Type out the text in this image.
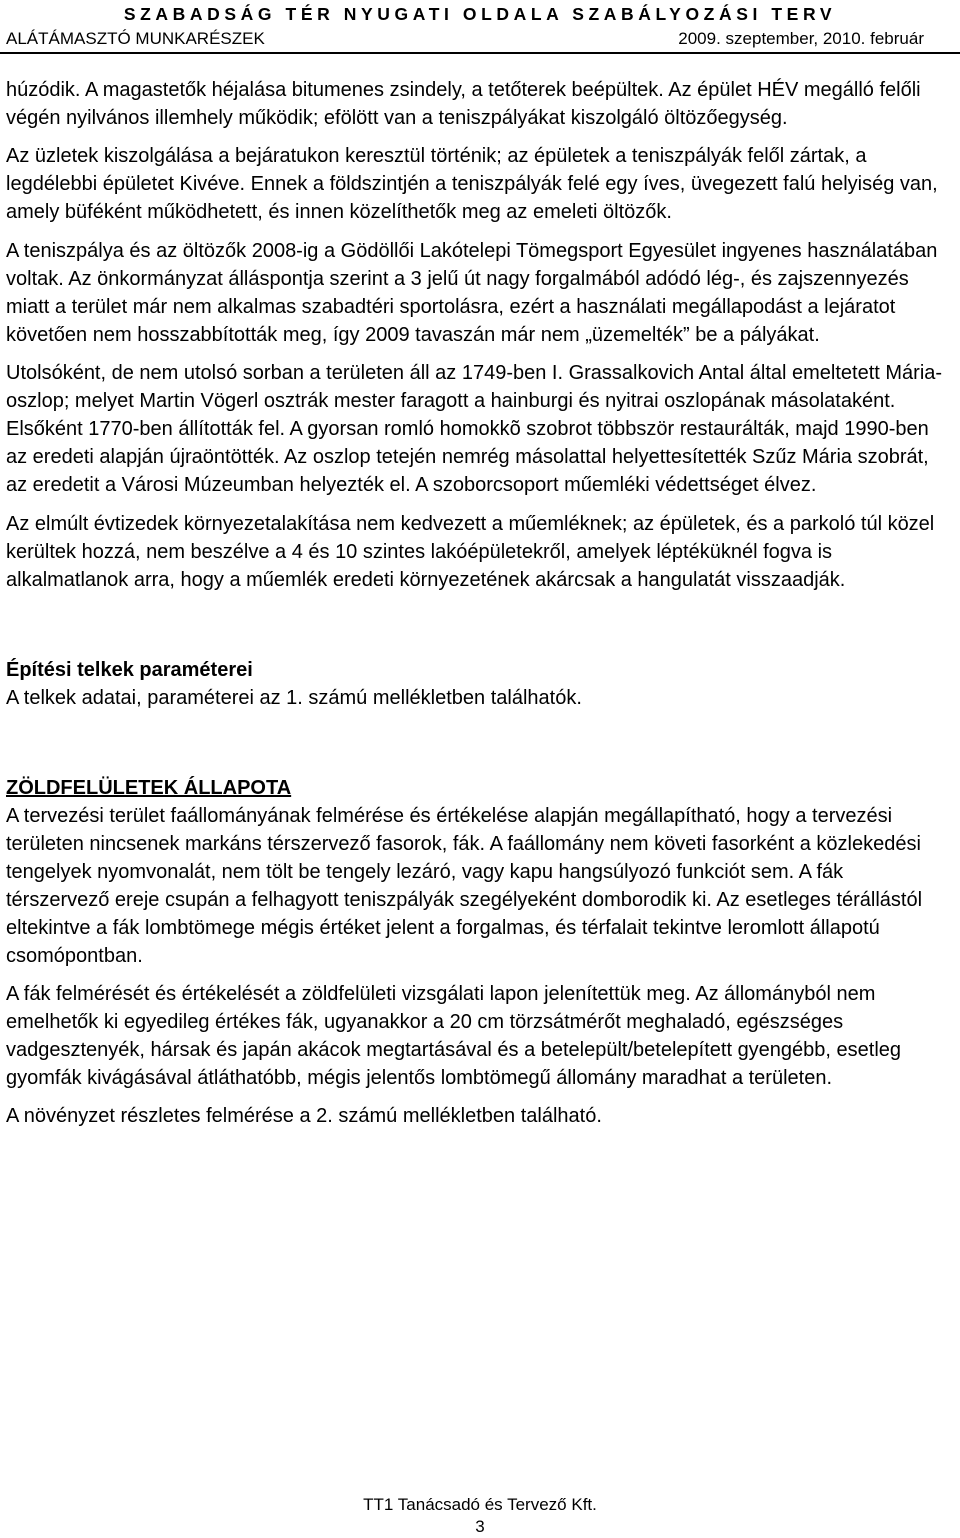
SZABADSÁG TÉR NYUGATI OLDALA SZABÁLYOZÁSI TERV
ALÁTÁMASZTÓ MUNKARÉSZEK	2009. szeptember, 2010. február

húzódik. A magastetők héjalása bitumenes zsindely, a tetőterek beépültek. Az épület HÉV megálló felőli végén nyilvános illemhely működik; efölött van a teniszpályákat kiszolgáló öltözőegység.

Az üzletek kiszolgálása a bejáratukon keresztül történik; az épületek a teniszpályák felől zártak, a legdélebbi épületet Kivéve. Ennek a földszintjén a teniszpályák felé egy íves, üvegezett falú helyiség van, amely büféként működhetett, és innen közelíthetők meg az emeleti öltözők.

A teniszpálya és az öltözők 2008-ig a Gödöllői Lakótelepi Tömegsport Egyesület ingyenes használatában voltak. Az önkormányzat álláspontja szerint a 3 jelű út nagy forgalmából adódó lég-, és zajszennyezés miatt a terület már nem alkalmas szabadtéri sportolásra, ezért a használati megállapodást a lejáratot követően nem hosszabbították meg, így 2009 tavaszán már nem „üzemelték” be a pályákat.

Utolsóként, de nem utolsó sorban a területen áll az 1749-ben I. Grassalkovich Antal által emeltetett Mária-oszlop; melyet Martin Vögerl osztrák mester faragott a hainburgi és nyitrai oszlopának másolataként. Elsőként 1770-ben állították fel. A gyorsan romló homokkõ szobrot többször restaurálták, majd 1990-ben az eredeti alapján újraöntötték. Az oszlop tetején nemrég másolattal helyettesítették Szűz Mária szobrát, az eredetit a Városi Múzeumban helyezték el. A szoborcsoport műemléki védettséget élvez.

Az elmúlt évtizedek környezetalakítása nem kedvezett a műemléknek; az épületek, és a parkoló túl közel kerültek hozzá, nem beszélve a 4 és 10 szintes lakóépületekről, amelyek léptéküknél fogva is alkalmatlanok arra, hogy a műemlék eredeti környezetének akárcsak a hangulatát visszaadják.

Építési telkek paraméterei

A telkek adatai, paraméterei az 1. számú mellékletben találhatók.

ZÖLDFELÜLETEK ÁLLAPOTA

A tervezési terület faállományának felmérése és értékelése alapján megállapítható, hogy a tervezési területen nincsenek markáns térszervező fasorok, fák. A faállomány nem követi fasorként a közlekedési tengelyek nyomvonalát, nem tölt be tengely lezáró, vagy kapu hangsúlyozó funkciót sem. A fák térszervező ereje csupán a felhagyott teniszpályák szegélyeként domborodik ki. Az esetleges térállástól eltekintve a fák lombtömege mégis értéket jelent a forgalmas, és térfalait tekintve leromlott állapotú csomópontban.

A fák felmérését és értékelését a zöldfelületi vizsgálati lapon jelenítettük meg. Az állományból nem emelhetők ki egyedileg értékes fák, ugyanakkor a 20 cm törzsátmérőt meghaladó, egészséges vadgesztenyék, hársak és japán akácok megtartásával és a betelepült/betelepített gyengébb, esetleg gyomfák kivágásával átláthatóbb, mégis jelentős lombtömegű állomány maradhat a területen.

A növényzet részletes felmérése a 2. számú mellékletben található.

TT1 Tanácsadó és Tervező Kft.
3
